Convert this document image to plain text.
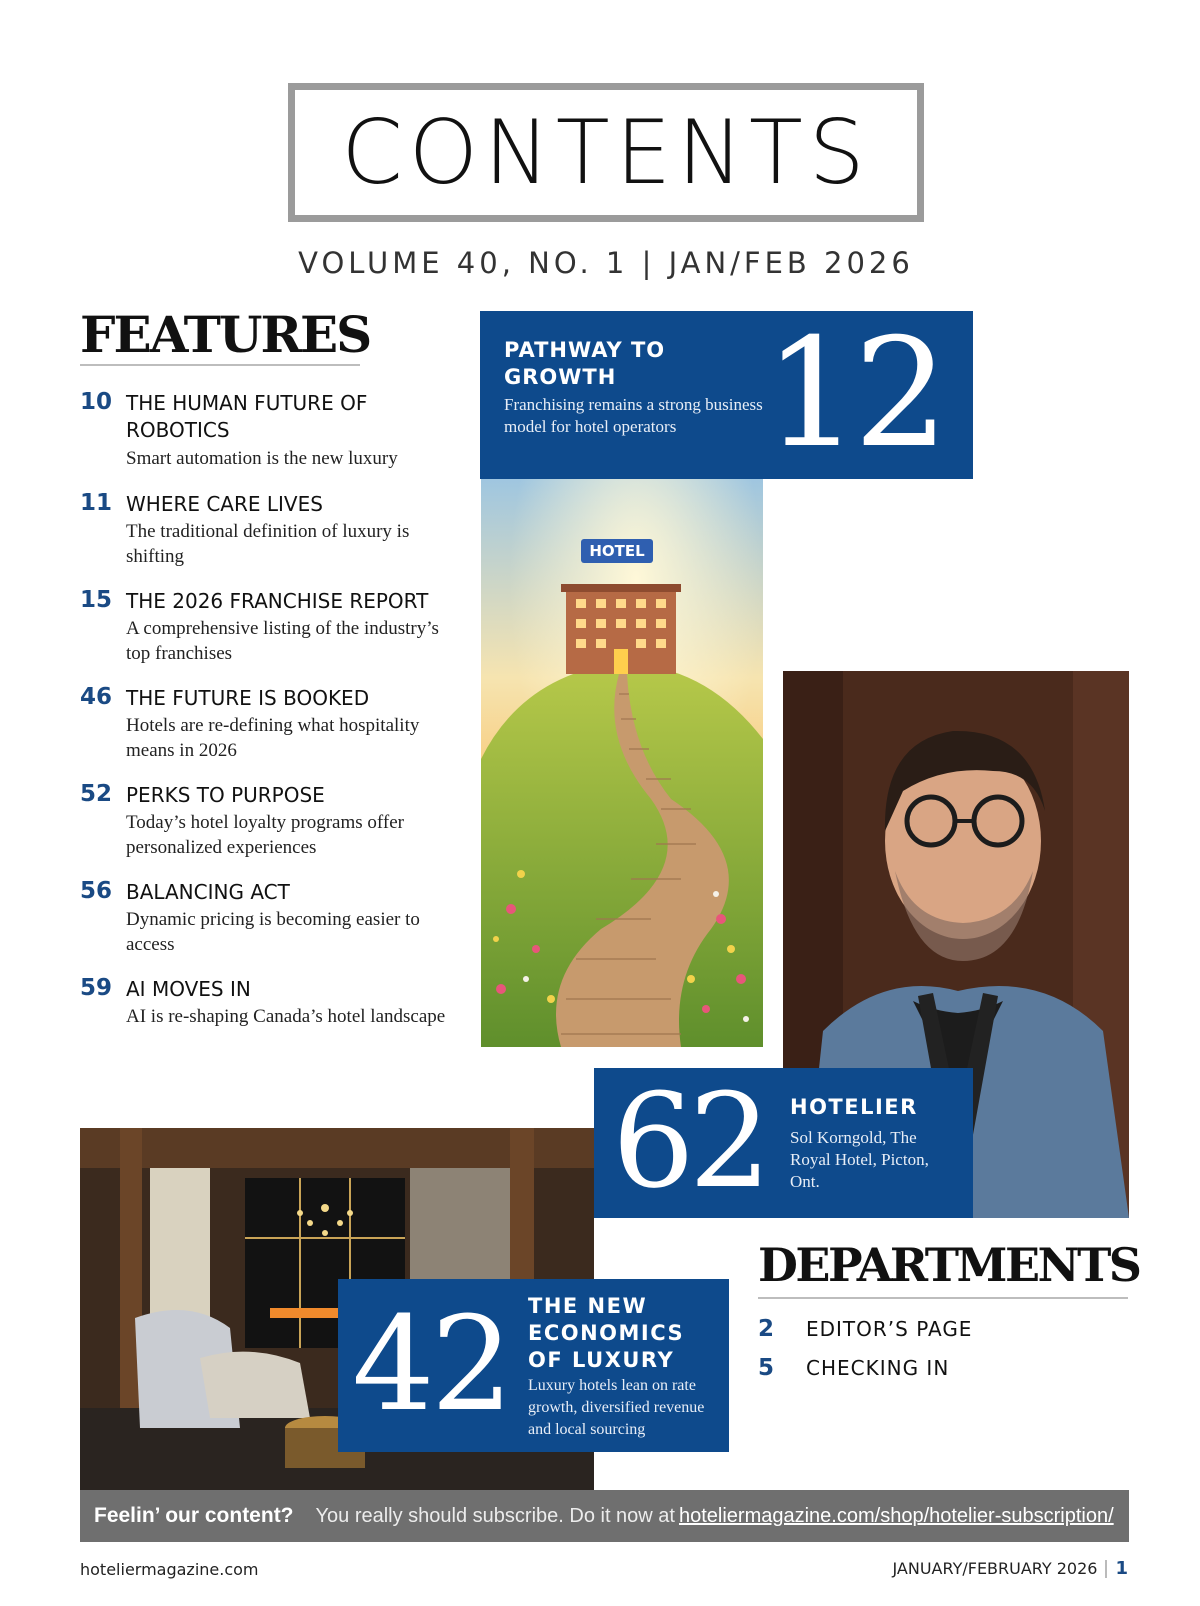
CONTENTS
VOLUME 40, NO. 1 | JAN/FEB 2026
FEATURES
10 THE HUMAN FUTURE OF ROBOTICS
Smart automation is the new luxury
11 WHERE CARE LIVES
The traditional definition of luxury is shifting
15 THE 2026 FRANCHISE REPORT
A comprehensive listing of the industry’s top franchises
46 THE FUTURE IS BOOKED
Hotels are re-defining what hospitality means in 2026
52 PERKS TO PURPOSE
Today’s hotel loyalty programs offer personalized experiences
56 BALANCING ACT
Dynamic pricing is becoming easier to access
59 AI MOVES IN
AI is re-shaping Canada’s hotel landscape
PATHWAY TO GROWTH
Franchising remains a strong business model for hotel operators 12
HOTEL
62 HOTELIER
Sol Korngold, The Royal Hotel, Picton, Ont.
42 THE NEW ECONOMICS OF LUXURY
Luxury hotels lean on rate growth, diversified revenue and local sourcing
DEPARTMENTS
2 EDITOR’S PAGE
5 CHECKING IN
Feelin’ our content? You really should subscribe. Do it now at hoteliermagazine.com/shop/hotelier-subscription/
hoteliermagazine.com	JANUARY/FEBRUARY 2026 1
